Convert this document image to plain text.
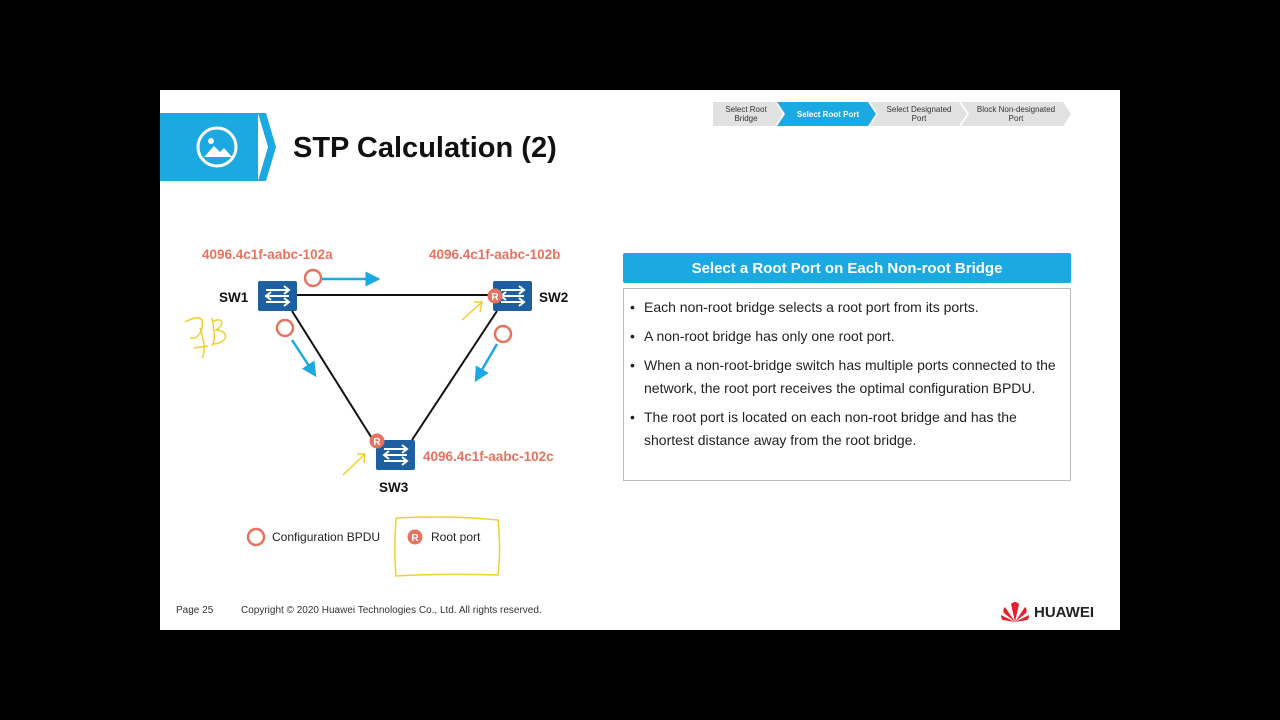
STP Calculation (2)
Select Root Bridge	Select Root Port	Select Designated Port
Block Non-designated Port
R
R
4096.4c1f-aabc-102a	4096.4c1f-aabc-102b
4096.4c1f-aabc-102c
SW1	SW2
SW3
Configuration BPDU	R Root port
Select a Root Port on Each Non-root Bridge
• Each non-root bridge selects a root port from its ports.
• A non-root bridge has only one root port.
• When a non-root-bridge switch has multiple ports connected to the network, the root port receives the optimal configuration BPDU.
• The root port is located on each non-root bridge and has the shortest distance away from the root bridge.
Page 25	Copyright © 2020 Huawei Technologies Co., Ltd. All rights reserved.	HUAWEI
